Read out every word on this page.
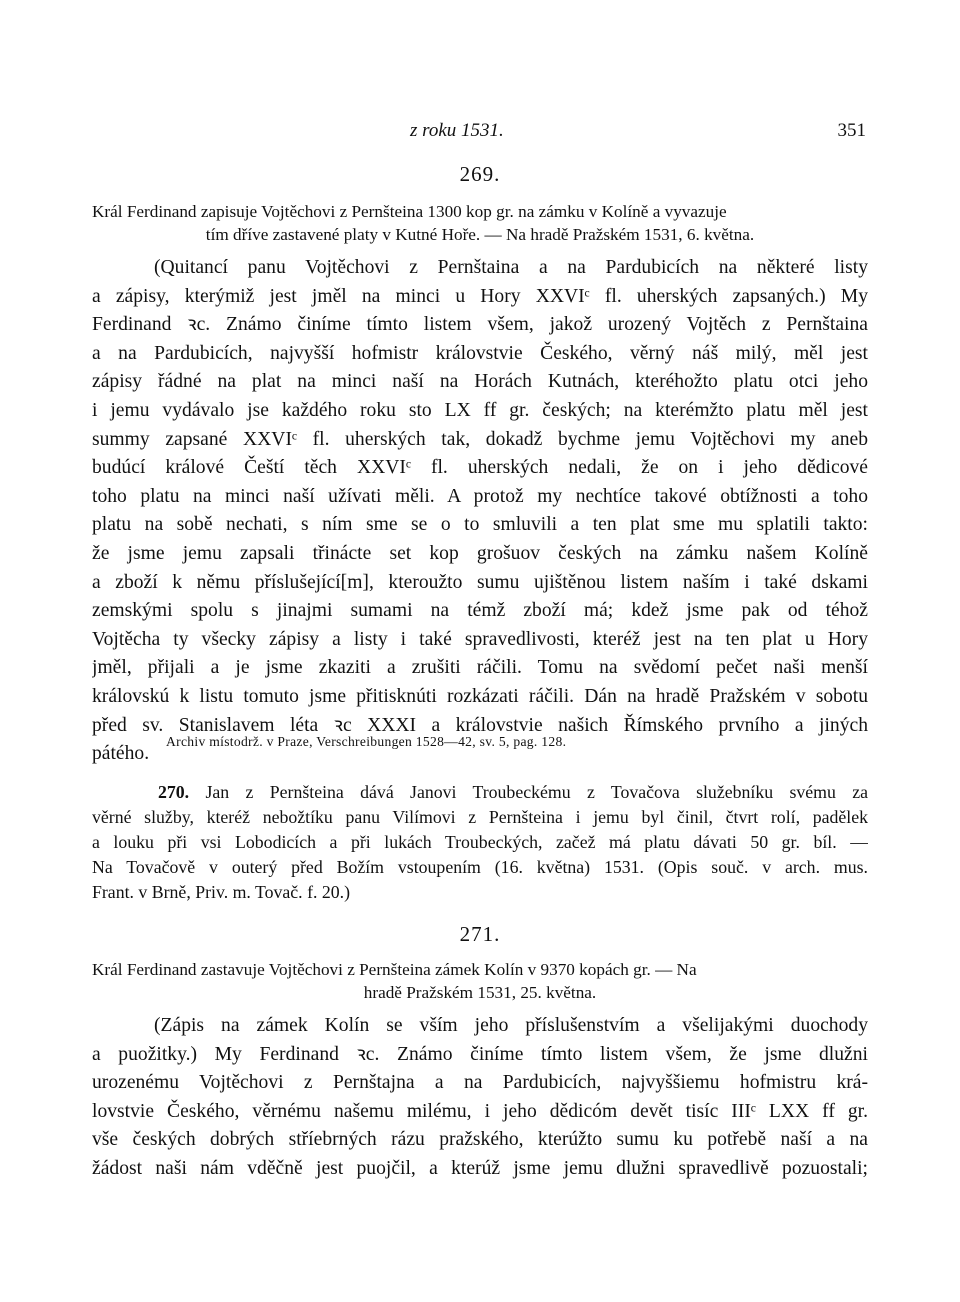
z roku 1531.	351
269.
Král Ferdinand zapisuje Vojtěchovi z Pernšteina 1300 kop gr. na zámku v Kolíně a vyvazuje
tím dříve zastavené platy v Kutné Hoře. — Na hradě Pražském 1531, 6. května.
(Quitancí panu Vojtěchovi z Pernštaina a na Pardubicích na některé listy
a zápisy, kterýmiž jest jměl na minci u Hory XXVIᶜ fl. uherských zapsaných.) My
Ferdinand ꝛc. Známo činíme tímto listem všem, jakož urozený Vojtěch z Pernštaina
a na Pardubicích, najvyšší hofmistr královstvie Českého, věrný náš milý, měl jest
zápisy řádné na plat na minci naší na Horách Kutnách, kteréhožto platu otci jeho
i jemu vydávalo jse každého roku sto LX ff gr. českých; na kterémžto platu měl jest
summy zapsané XXVIᶜ fl. uherských tak, dokadž bychme jemu Vojtěchovi my aneb
budúcí králové Čeští těch XXVIᶜ fl. uherských nedali, že on i jeho dědicové
toho platu na minci naší užívati měli. A protož my nechtíce takové obtížnosti a toho
platu na sobě nechati, s ním sme se o to smluvili a ten plat sme mu splatili takto:
že jsme jemu zapsali třinácte set kop grošuov českých na zámku našem Kolíně
a zboží k němu příslušející[m], kteroužto sumu ujištěnou listem naším i také dskami
zemskými spolu s jinajmi sumami na témž zboží má; kdež jsme pak od téhož
Vojtěcha ty všecky zápisy a listy i také spravedlivosti, kteréž jest na ten plat u Hory
jměl, přijali a je jsme zkaziti a zrušiti ráčili. Tomu na svědomí pečet naši menší
královskú k listu tomuto jsme přitisknúti rozkázati ráčili. Dán na hradě Pražském v sobotu
před sv. Stanislavem léta ꝛc XXXI a královstvie našich Římského prvního a jiných
pátého.
Archiv místodrž. v Praze, Verschreibungen 1528—42, sv. 5, pag. 128.
270. Jan z Pernšteina dává Janovi Troubeckému z Tovačova služebníku svému za
věrné služby, kteréž nebožtíku panu Vilímovi z Pernšteina i jemu byl činil, čtvrt rolí, padělek
a louku při vsi Lobodicích a při lukách Troubeckých, začež má platu dávati 50 gr. bíl. —
Na Tovačově v outerý před Božím vstoupením (16. května) 1531. (Opis souč. v arch. mus.
Frant. v Brně, Priv. m. Tovač. f. 20.)
271.
Král Ferdinand zastavuje Vojtěchovi z Pernšteina zámek Kolín v 9370 kopách gr. — Na
hradě Pražském 1531, 25. května.
(Zápis na zámek Kolín se vším jeho příslušenstvím a všelijakými duochody
a puožitky.) My Ferdinand ꝛc. Známo činíme tímto listem všem, že jsme dlužni
urozenému Vojtěchovi z Pernštajna a na Pardubicích, najvyššiemu hofmistru krá-
lovstvie Českého, věrnému našemu milému, i jeho dědicóm devět tisíc IIIᶜ LXX ff gr.
vše českých dobrých stříebrných rázu pražského, kterúžto sumu ku potřebě naší a na
žádost naši nám vděčně jest puojčil, a kterúž jsme jemu dlužni spravedlivě pozuostali;
